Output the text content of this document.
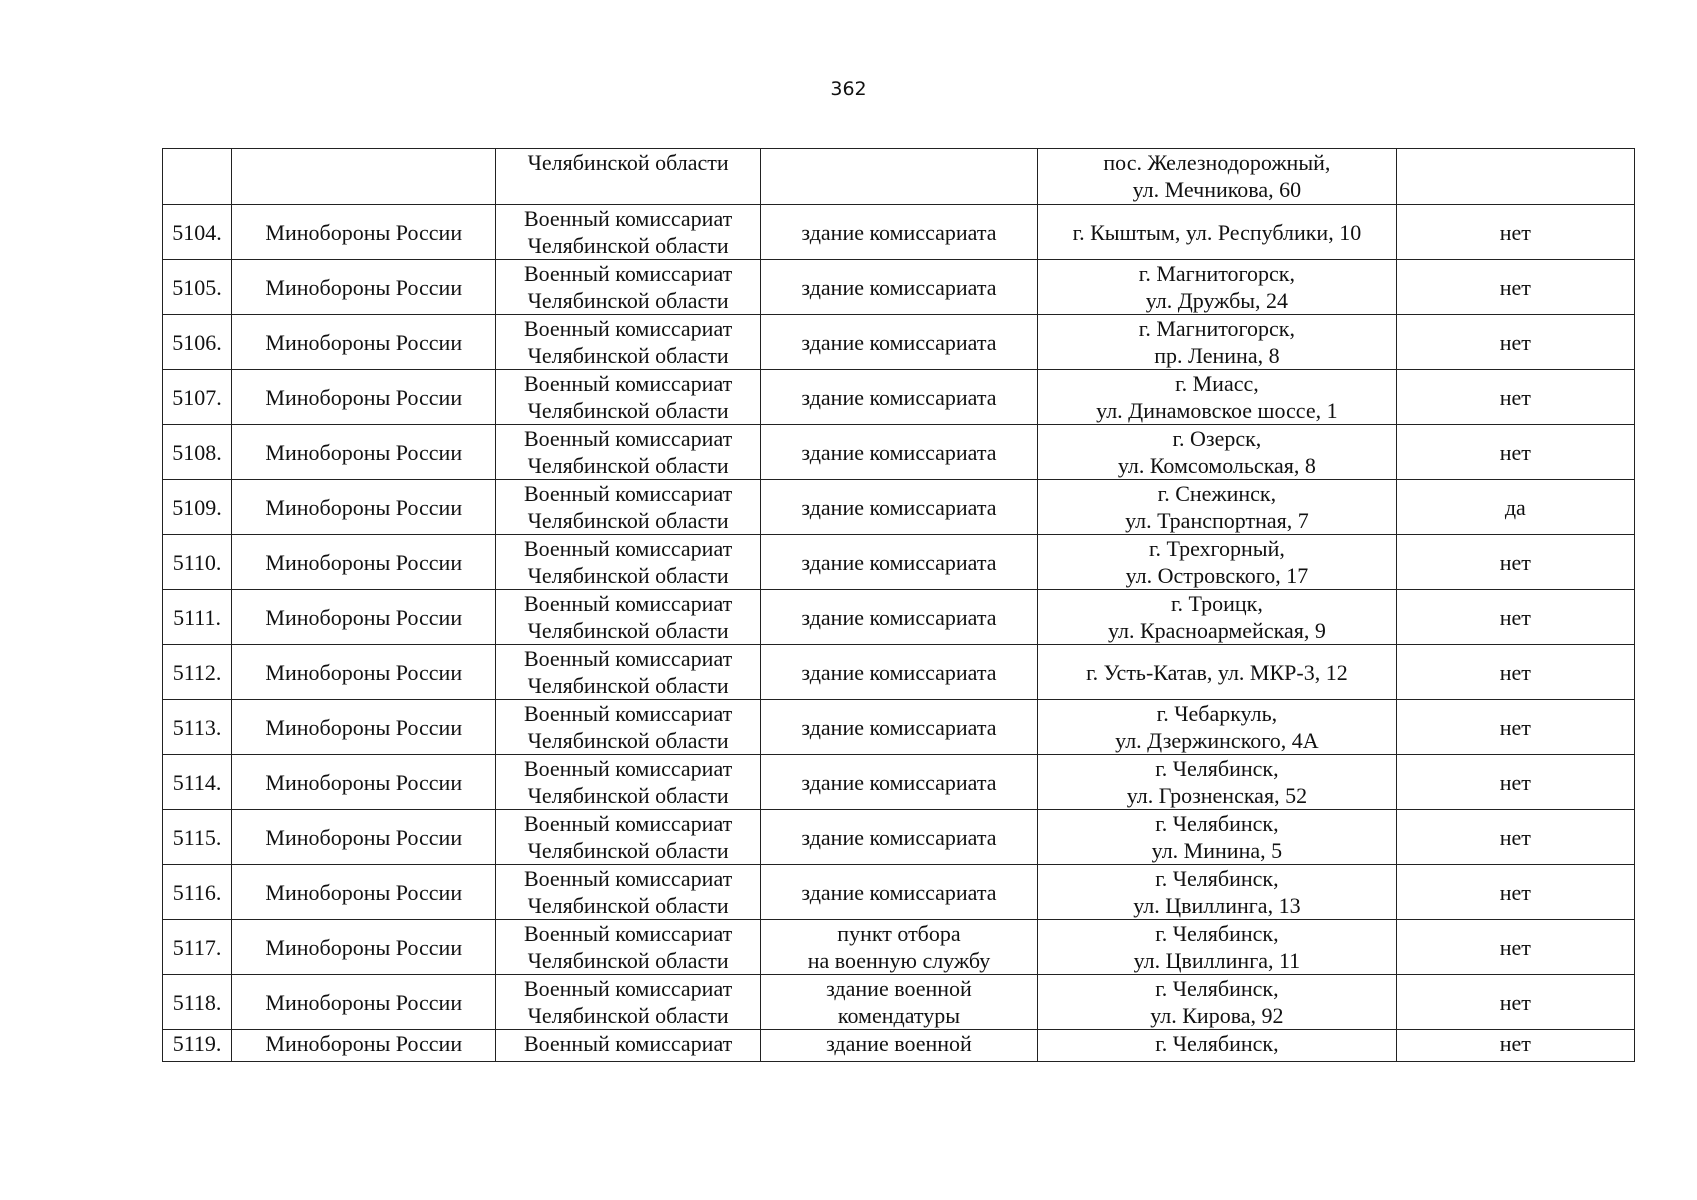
362

		Челябинской области		пос. Железнодорожный,
ул. Мечникова, 60	

5104.	Минобороны России	Военный комиссариат
Челябинской области	здание комиссариата	г. Кыштым, ул. Республики, 10	нет
5105.	Минобороны России	Военный комиссариат
Челябинской области	здание комиссариата	г. Магнитогорск,
ул. Дружбы, 24	нет
5106.	Минобороны России	Военный комиссариат
Челябинской области	здание комиссариата	г. Магнитогорск,
пр. Ленина, 8	нет
5107.	Минобороны России	Военный комиссариат
Челябинской области	здание комиссариата	г. Миасс,
ул. Динамовское шоссе, 1	нет
5108.	Минобороны России	Военный комиссариат
Челябинской области	здание комиссариата	г. Озерск,
ул. Комсомольская, 8	нет
5109.	Минобороны России	Военный комиссариат
Челябинской области	здание комиссариата	г. Снежинск,
ул. Транспортная, 7	да
5110.	Минобороны России	Военный комиссариат
Челябинской области	здание комиссариата	г. Трехгорный,
ул. Островского, 17	нет
5111.	Минобороны России	Военный комиссариат
Челябинской области	здание комиссариата	г. Троицк,
ул. Красноармейская, 9	нет
5112.	Минобороны России	Военный комиссариат
Челябинской области	здание комиссариата	г. Усть-Катав, ул. МКР-3, 12	нет
5113.	Минобороны России	Военный комиссариат
Челябинской области	здание комиссариата	г. Чебаркуль,
ул. Дзержинского, 4А	нет
5114.	Минобороны России	Военный комиссариат
Челябинской области	здание комиссариата	г. Челябинск,
ул. Грозненская, 52	нет
5115.	Минобороны России	Военный комиссариат
Челябинской области	здание комиссариата	г. Челябинск,
ул. Минина, 5	нет
5116.	Минобороны России	Военный комиссариат
Челябинской области	здание комиссариата	г. Челябинск,
ул. Цвиллинга, 13	нет
5117.	Минобороны России	Военный комиссариат
Челябинской области	пункт отбора
на военную службу	г. Челябинск,
ул. Цвиллинга, 11	нет
5118.	Минобороны России	Военный комиссариат
Челябинской области	здание военной
комендатуры	г. Челябинск,
ул. Кирова, 92	нет
5119.	Минобороны России	Военный комиссариат	здание военной	г. Челябинск,	нет
